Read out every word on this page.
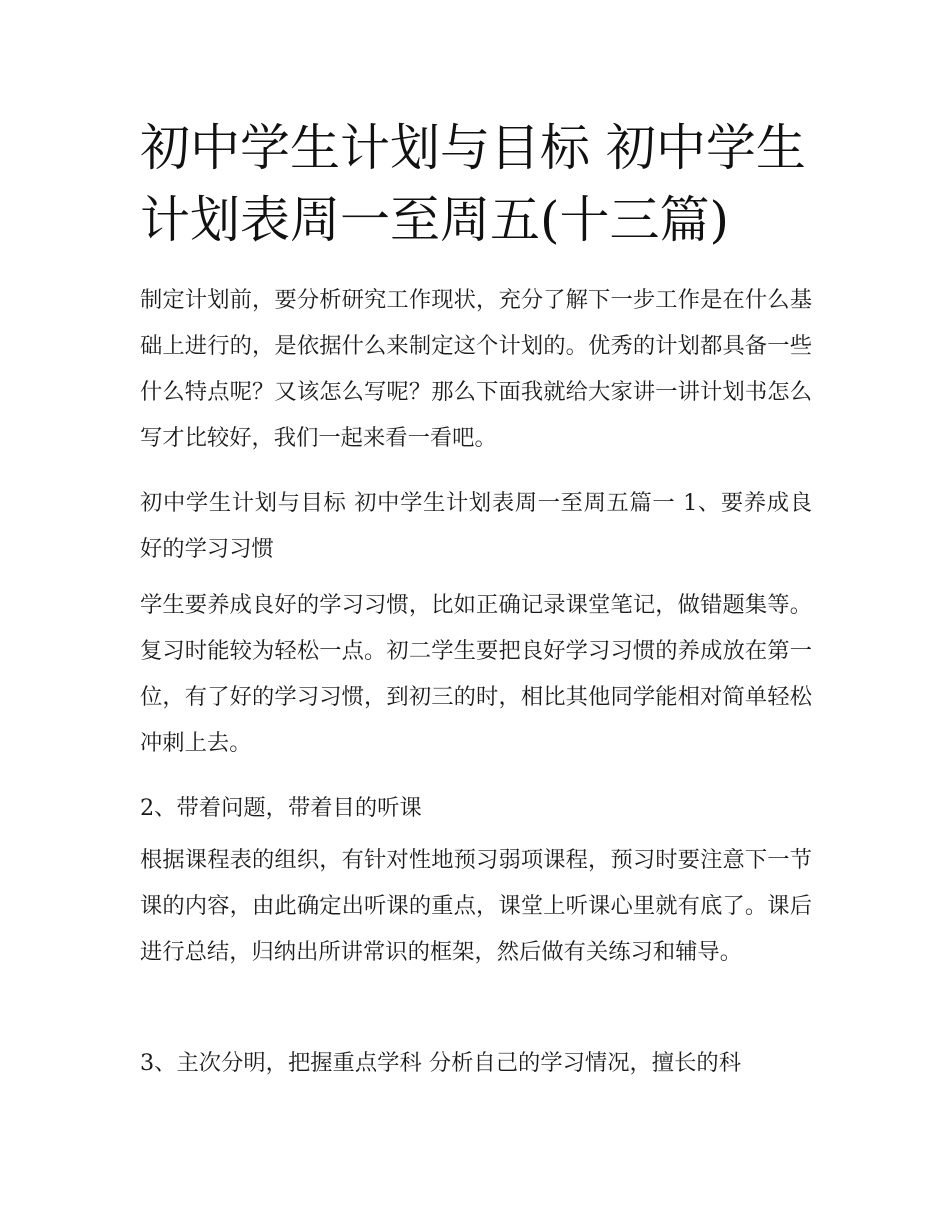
初中学生计划与目标 初中学生计划表周一至周五(十三篇)

制定计划前，要分析研究工作现状，充分了解下一步工作是在什么基础上进行的，是依据什么来制定这个计划的。优秀的计划都具备一些什么特点呢？又该怎么写呢？那么下面我就给大家讲一讲计划书怎么写才比较好，我们一起来看一看吧。

初中学生计划与目标 初中学生计划表周一至周五篇一 1、要养成良好的学习习惯

学生要养成良好的学习习惯，比如正确记录课堂笔记，做错题集等。复习时能较为轻松一点。初二学生要把良好学习习惯的养成放在第一位，有了好的学习习惯，到初三的时，相比其他同学能相对简单轻松冲刺上去。

2、带着问题，带着目的听课

根据课程表的组织，有针对性地预习弱项课程，预习时要注意下一节课的内容，由此确定出听课的重点，课堂上听课心里就有底了。课后进行总结，归纳出所讲常识的框架，然后做有关练习和辅导。

3、主次分明，把握重点学科 分析自己的学习情况，擅长的科
